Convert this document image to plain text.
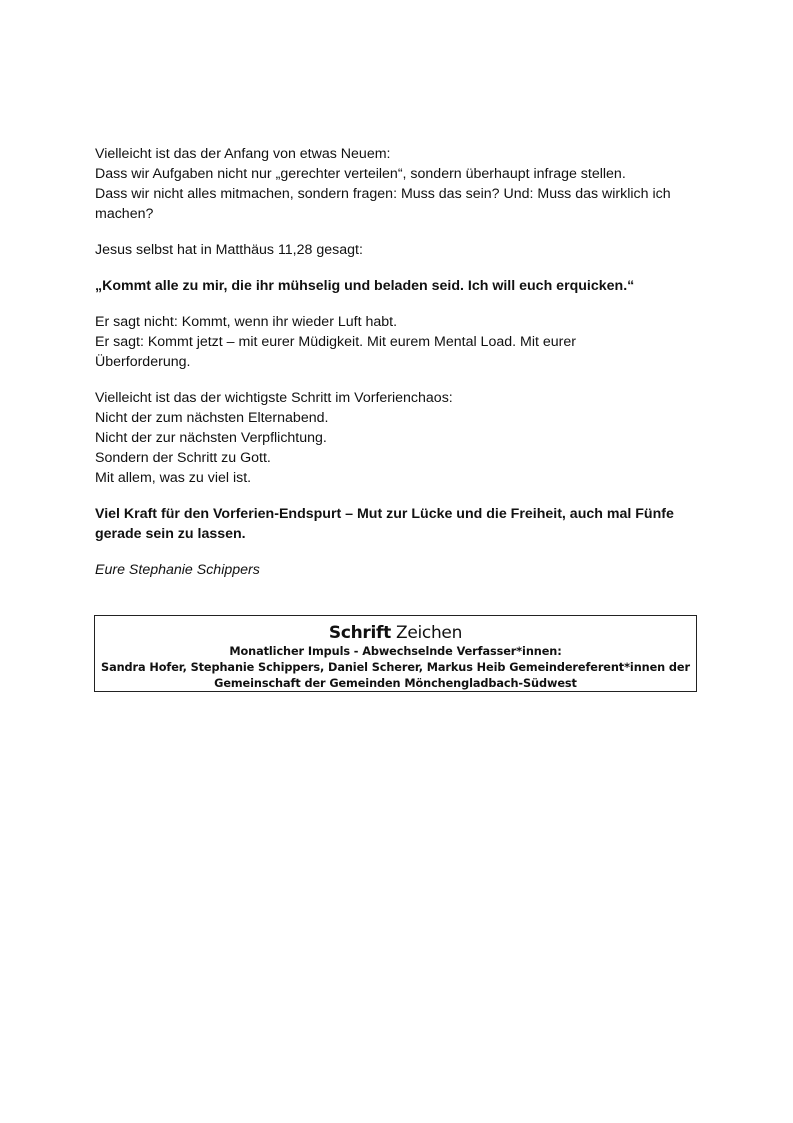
Vielleicht ist das der Anfang von etwas Neuem:
Dass wir Aufgaben nicht nur „gerechter verteilen“, sondern überhaupt infrage stellen.
Dass wir nicht alles mitmachen, sondern fragen: Muss das sein? Und: Muss das wirklich ich
machen?

Jesus selbst hat in Matthäus 11,28 gesagt:

„Kommt alle zu mir, die ihr mühselig und beladen seid. Ich will euch erquicken.“

Er sagt nicht: Kommt, wenn ihr wieder Luft habt.
Er sagt: Kommt jetzt – mit eurer Müdigkeit. Mit eurem Mental Load. Mit eurer
Überforderung.

Vielleicht ist das der wichtigste Schritt im Vorferienchaos:
Nicht der zum nächsten Elternabend.
Nicht der zur nächsten Verpflichtung.
Sondern der Schritt zu Gott.
Mit allem, was zu viel ist.

Viel Kraft für den Vorferien-Endspurt – Mut zur Lücke und die Freiheit, auch mal Fünfe
gerade sein zu lassen.

Eure Stephanie Schippers

Schrift Zeichen
Monatlicher Impuls - Abwechselnde Verfasser*innen:
Sandra Hofer, Stephanie Schippers, Daniel Scherer, Markus Heib Gemeindereferent*innen der
Gemeinschaft der Gemeinden Mönchengladbach-Südwest
